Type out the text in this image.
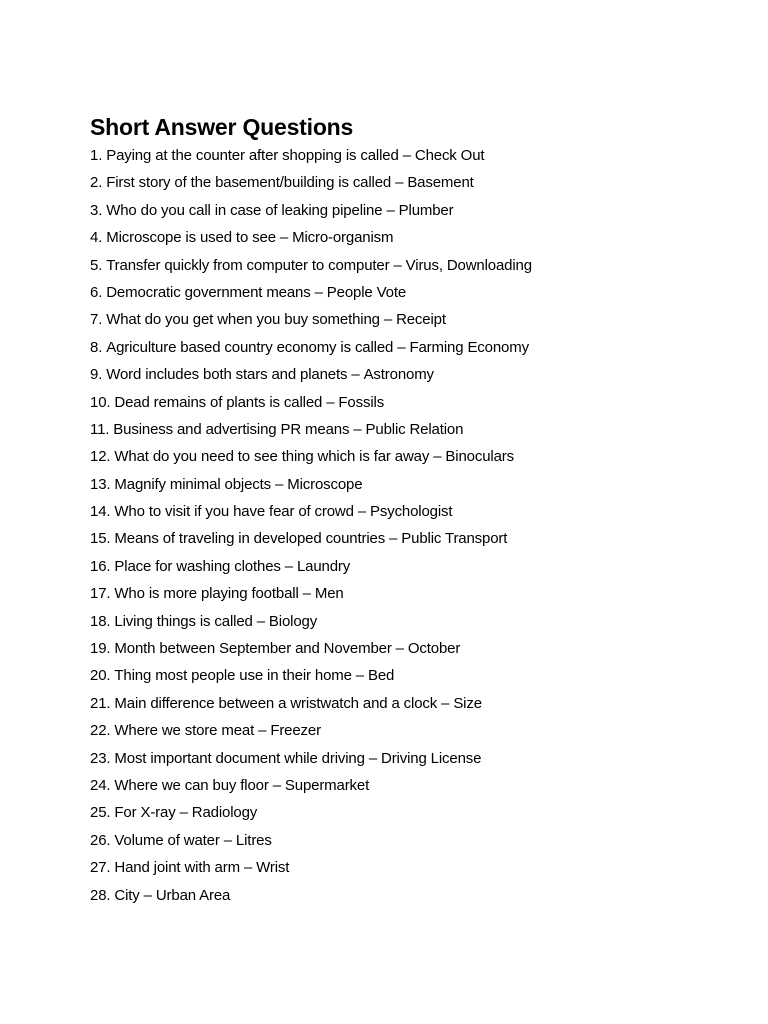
Short Answer Questions
1. Paying at the counter after shopping is called – Check Out
2. First story of the basement/building is called – Basement
3. Who do you call in case of leaking pipeline – Plumber
4. Microscope is used to see – Micro-organism
5. Transfer quickly from computer to computer – Virus, Downloading
6. Democratic government means – People Vote
7. What do you get when you buy something – Receipt
8. Agriculture based country economy is called – Farming Economy
9. Word includes both stars and planets – Astronomy
10. Dead remains of plants is called – Fossils
11. Business and advertising PR means – Public Relation
12. What do you need to see thing which is far away – Binoculars
13. Magnify minimal objects – Microscope
14. Who to visit if you have fear of crowd – Psychologist
15. Means of traveling in developed countries – Public Transport
16. Place for washing clothes – Laundry
17. Who is more playing football – Men
18. Living things is called – Biology
19. Month between September and November – October
20. Thing most people use in their home – Bed
21. Main difference between a wristwatch and a clock – Size
22. Where we store meat – Freezer
23. Most important document while driving – Driving License
24. Where we can buy floor – Supermarket
25. For X-ray – Radiology
26. Volume of water – Litres
27. Hand joint with arm – Wrist
28. City – Urban Area
